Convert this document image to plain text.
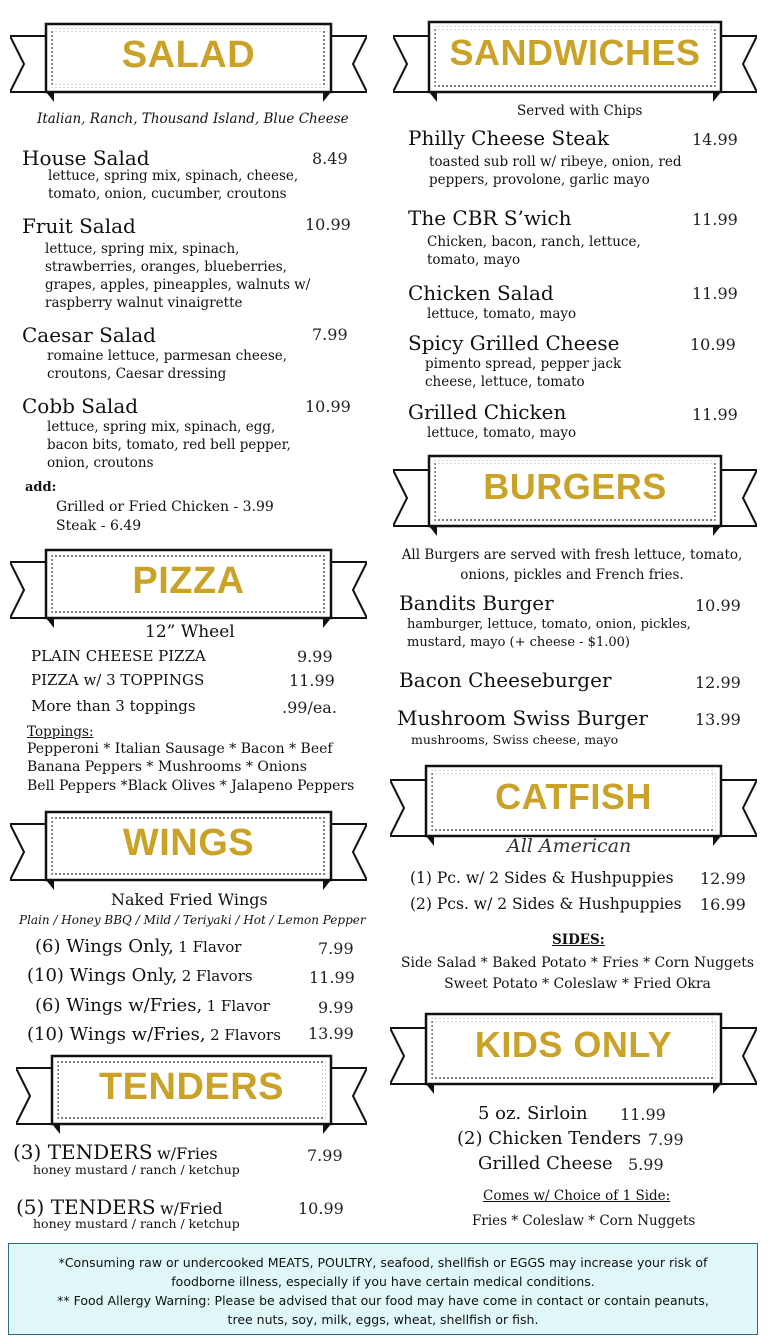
SALAD
Italian, Ranch, Thousand Island, Blue Cheese
House Salad	8.49
lettuce, spring mix, spinach, cheese,
tomato, onion, cucumber, croutons
Fruit Salad	10.99
lettuce, spring mix, spinach,
strawberries, oranges, blueberries,
grapes, apples, pineapples, walnuts w/
raspberry walnut vinaigrette
Caesar Salad	7.99
romaine lettuce, parmesan cheese,
croutons, Caesar dressing
Cobb Salad	10.99
lettuce, spring mix, spinach, egg,
bacon bits, tomato, red bell pepper,
onion, croutons
add:
Grilled or Fried Chicken - 3.99
Steak - 6.49
PIZZA
12” Wheel
PLAIN CHEESE PIZZA	9.99
PIZZA w/ 3 TOPPINGS	11.99
More than 3 toppings	.99/ea.
Toppings:
Pepperoni * Italian Sausage * Bacon * Beef
Banana Peppers * Mushrooms * Onions
Bell Peppers *Black Olives * Jalapeno Peppers
WINGS
Naked Fried Wings
Plain / Honey BBQ / Mild / Teriyaki / Hot / Lemon Pepper
(6) Wings Only, 1 Flavor	7.99
(10) Wings Only, 2 Flavors	11.99
(6) Wings w/Fries, 1 Flavor	9.99
(10) Wings w/Fries, 2 Flavors 13.99
TENDERS
(3) TENDERS w/Fries
honey mustard / ranch / ketchup
7.99
(5) TENDERS w/Fried
honey mustard / ranch / ketchup
10.99
SANDWICHES
Served with Chips
Philly Cheese Steak	14.99
toasted sub roll w/ ribeye, onion, red
peppers, provolone, garlic mayo
The CBR S’wich	11.99
Chicken, bacon, ranch, lettuce,
tomato, mayo
Chicken Salad	11.99
lettuce, tomato, mayo
Spicy Grilled Cheese	10.99
pimento spread, pepper jack
cheese, lettuce, tomato
Grilled Chicken	11.99
lettuce, tomato, mayo
BURGERS
All Burgers are served with fresh lettuce, tomato,
onions, pickles and French fries.
Bandits Burger	10.99
hamburger, lettuce, tomato, onion, pickles,
mustard, mayo (+ cheese - $1.00)
Bacon Cheeseburger	12.99
Mushroom Swiss Burger	13.99
mushrooms, Swiss cheese, mayo
CATFISH
All American
(1) Pc. w/ 2 Sides & Hushpuppies 12.99
(2) Pcs. w/ 2 Sides & Hushpuppies 16.99
SIDES:
Side Salad * Baked Potato * Fries * Corn Nuggets
Sweet Potato * Coleslaw * Fried Okra
KIDS ONLY
5 oz. Sirloin 11.99
(2) Chicken Tenders 7.99
Grilled Cheese 5.99
Comes w/ Choice of 1 Side:
Fries * Coleslaw * Corn Nuggets
*Consuming raw or undercooked MEATS, POULTRY, seafood, shellfish or EGGS may increase your risk of
foodborne illness, especially if you have certain medical conditions.
** Food Allergy Warning: Please be advised that our food may have come in contact or contain peanuts,
tree nuts, soy, milk, eggs, wheat, shellfish or fish.
